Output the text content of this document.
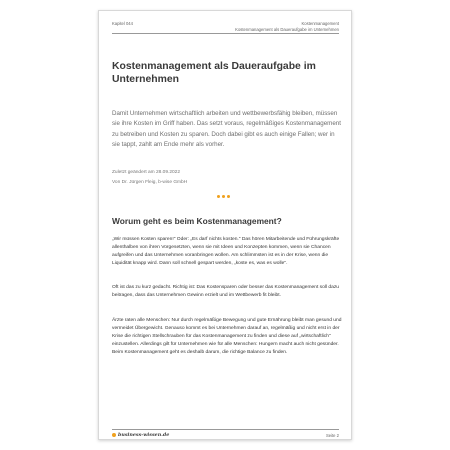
Kapitel 044	Kostenmanagement
Kostenmanagement als Daueraufgabe im Unternehmen
Kostenmanagement als Daueraufgabe im Unternehmen
Damit Unternehmen wirtschaftlich arbeiten und wettbewerbsfähig bleiben, müssen sie ihre Kosten im Griff haben. Das setzt voraus, regelmäßiges Kostenmanagement zu betreiben und Kosten zu sparen. Doch dabei gibt es auch einige Fallen; wer in sie tappt, zahlt am Ende mehr als vorher.
Zuletzt geändert am 28.09.2022
Von Dr. Jürgen Fleig, b-wise GmbH
Worum geht es beim Kostenmanagement?
„Wir müssen Kosten sparen!" Oder: „Es darf nichts kosten." Das hören Mitarbeitende und Führungskräfte allenthalben von ihren Vorgesetzten, wenn sie mit Ideen und Konzepten kommen, wenn sie Chancen aufgreifen und das Unternehmen voranbringen wollen. Am schlimmsten ist es in der Krise, wenn die Liquidität knapp wird. Dann soll schnell gespart werden, „koste es, was es wolle".
Oft ist das zu kurz gedacht. Richtig ist: Das Kostensparen oder besser das Kostenmanagement soll dazu beitragen, dass das Unternehmen Gewinn erzielt und im Wettbewerb fit bleibt.
Ärzte raten alle Menschen: Nur durch regelmäßige Bewegung und gute Ernährung bleibt man gesund und vermeidet Übergewicht. Genauso kommt es bei Unternehmen darauf an, regelmäßig und nicht erst in der Krise die richtigen Stellschrauben für das Kostenmanagement zu finden und diese auf „wirtschaftlich" einzustellen. Allerdings gilt für Unternehmen wie für alle Menschen: Hungern macht auch nicht gesünder. Beim Kostenmanagement geht es deshalb darum, die richtige Balance zu finden.
business-wissen.de	Seite 2
